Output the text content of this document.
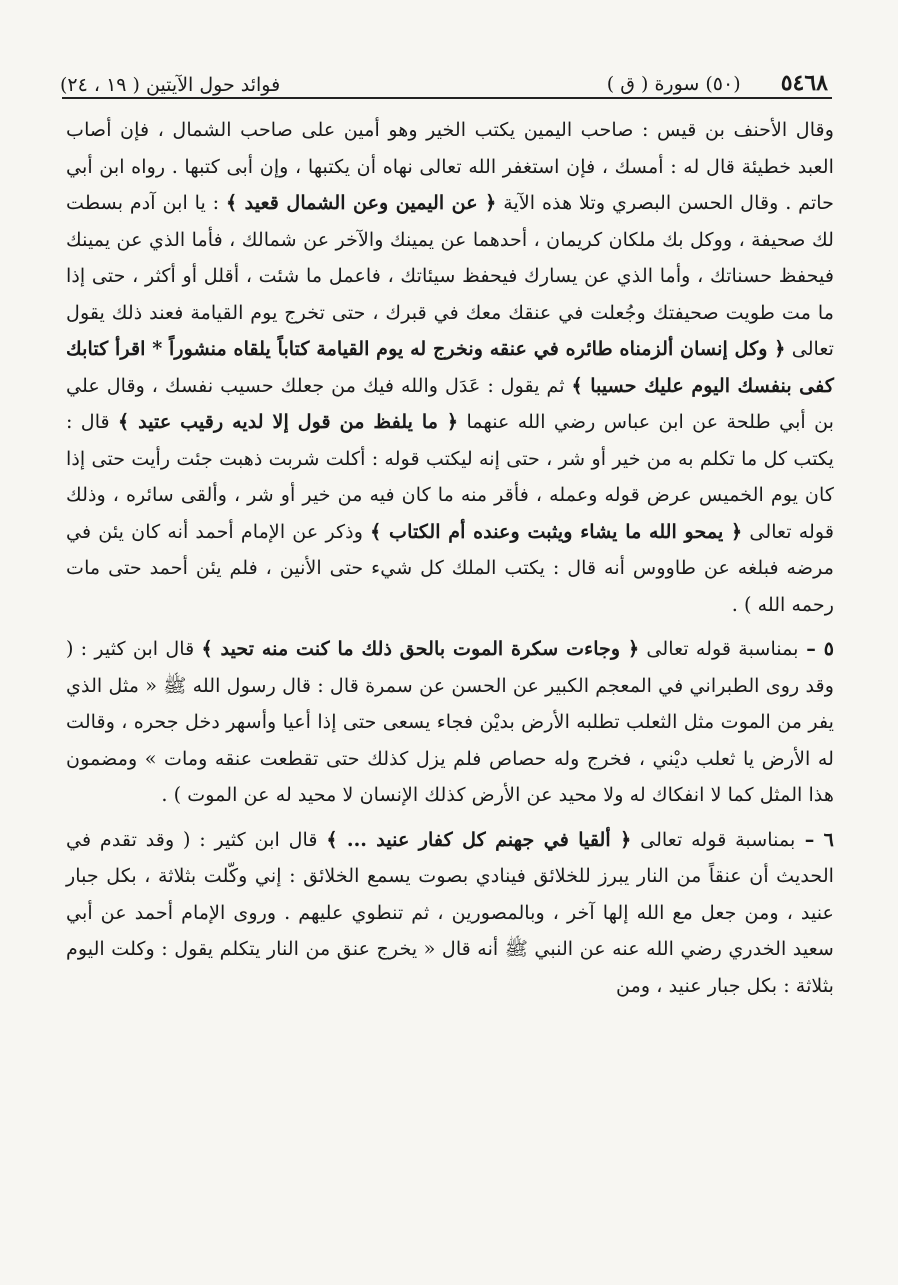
٥٤٦٨  (٥٠) سورة ( ق )
فوائد حول الآيتين ( ١٩ ، ٢٤)

وقال الأحنف بن قيس : صاحب اليمين يكتب الخير وهو أمين على صاحب الشمال ، فإن أصاب العبد خطيئة قال له : أمسك ، فإن استغفر الله تعالى نهاه أن يكتبها ، وإن أبى كتبها . رواه ابن أبي حاتم . وقال الحسن البصري وتلا هذه الآية ﴿ عن اليمين وعن الشمال قعيد ﴾ : يا ابن آدم بسطت لك صحيفة ، ووكل بك ملكان كريمان ، أحدهما عن يمينك والآخر عن شمالك ، فأما الذي عن يمينك فيحفظ حسناتك ، وأما الذي عن يسارك فيحفظ سيئاتك ، فاعمل ما شئت ، أقلل أو أكثر ، حتى إذا ما مت طويت صحيفتك وجُعلت في عنقك معك في قبرك ، حتى تخرج يوم القيامة فعند ذلك يقول تعالى ﴿ وكل إنسان ألزمناه طائره في عنقه ونخرج له يوم القيامة كتاباً يلقاه منشوراً * اقرأ كتابك كفى بنفسك اليوم عليك حسيبا ﴾ ثم يقول : عَدَل والله فيك من جعلك حسيب نفسك ، وقال علي بن أبي طلحة عن ابن عباس رضي الله عنهما ﴿ ما يلفظ من قول إلا لديه رقيب عتيد ﴾ قال : يكتب كل ما تكلم به من خير أو شر ، حتى إنه ليكتب قوله : أكلت شربت ذهبت جئت رأيت حتى إذا كان يوم الخميس عرض قوله وعمله ، فأقر منه ما كان فيه من خير أو شر ، وألقى سائره ، وذلك قوله تعالى ﴿ يمحو الله ما يشاء ويثبت وعنده أم الكتاب ﴾ وذكر عن الإمام أحمد أنه كان يئن في مرضه فبلغه عن طاووس أنه قال : يكتب الملك كل شيء حتى الأنين ، فلم يئن أحمد حتى مات رحمه الله ) .

٥ – بمناسبة قوله تعالى ﴿ وجاءت سكرة الموت بالحق ذلك ما كنت منه تحيد ﴾ قال ابن كثير : ( وقد روى الطبراني في المعجم الكبير عن الحسن عن سمرة قال : قال رسول الله ﷺ « مثل الذي يفر من الموت مثل الثعلب تطلبه الأرض بديْن فجاء يسعى حتى إذا أعيا وأسهر دخل جحره ، وقالت له الأرض يا ثعلب ديْني ، فخرج وله حصاص فلم يزل كذلك حتى تقطعت عنقه ومات » ومضمون هذا المثل كما لا انفكاك له ولا محيد عن الأرض كذلك الإنسان لا محيد له عن الموت ) .

٦ – بمناسبة قوله تعالى ﴿ ألقيا في جهنم كل كفار عنيد ... ﴾ قال ابن كثير : ( وقد تقدم في الحديث أن عنقاً من النار يبرز للخلائق فينادي بصوت يسمع الخلائق : إني وكّلت بثلاثة ، بكل جبار عنيد ، ومن جعل مع الله إلها آخر ، وبالمصورين ، ثم تنطوي عليهم . وروى الإمام أحمد عن أبي سعيد الخدري رضي الله عنه عن النبي ﷺ أنه قال « يخرج عنق من النار يتكلم يقول : وكلت اليوم بثلاثة : بكل جبار عنيد ، ومن
